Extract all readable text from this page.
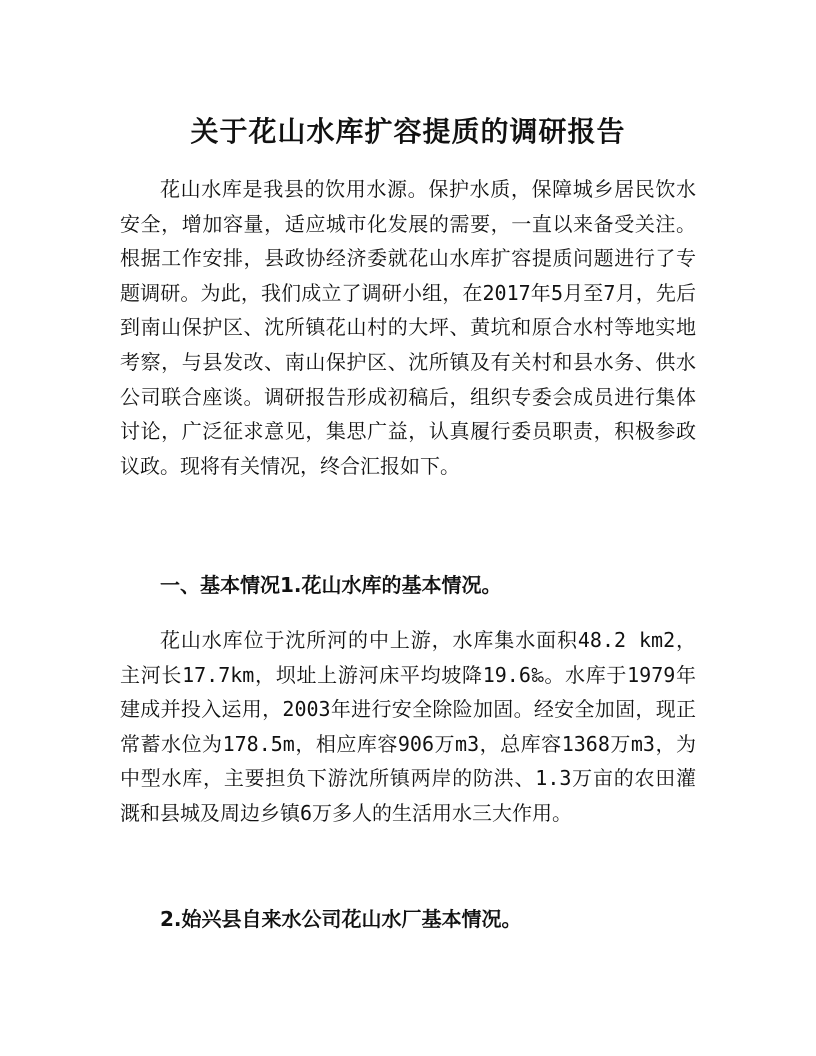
关于花山水库扩容提质的调研报告

花山水库是我县的饮用水源。保护水质，保障城乡居民饮水安全，增加容量，适应城市化发展的需要，一直以来备受关注。根据工作安排，县政协经济委就花山水库扩容提质问题进行了专题调研。为此，我们成立了调研小组，在2017年5月至7月，先后到南山保护区、沈所镇花山村的大坪、黄坑和原合水村等地实地考察，与县发改、南山保护区、沈所镇及有关村和县水务、供水公司联合座谈。调研报告形成初稿后，组织专委会成员进行集体讨论，广泛征求意见，集思广益，认真履行委员职责，积极参政议政。现将有关情况，终合汇报如下。

一、基本情况1.花山水库的基本情况。

花山水库位于沈所河的中上游，水库集水面积48.2 km2，主河长17.7km，坝址上游河床平均坡降19.6‰。水库于1979年建成并投入运用，2003年进行安全除险加固。经安全加固，现正常蓄水位为178.5m，相应库容906万m3，总库容1368万m3，为中型水库，主要担负下游沈所镇两岸的防洪、1.3万亩的农田灌溉和县城及周边乡镇6万多人的生活用水三大作用。

2.始兴县自来水公司花山水厂基本情况。
